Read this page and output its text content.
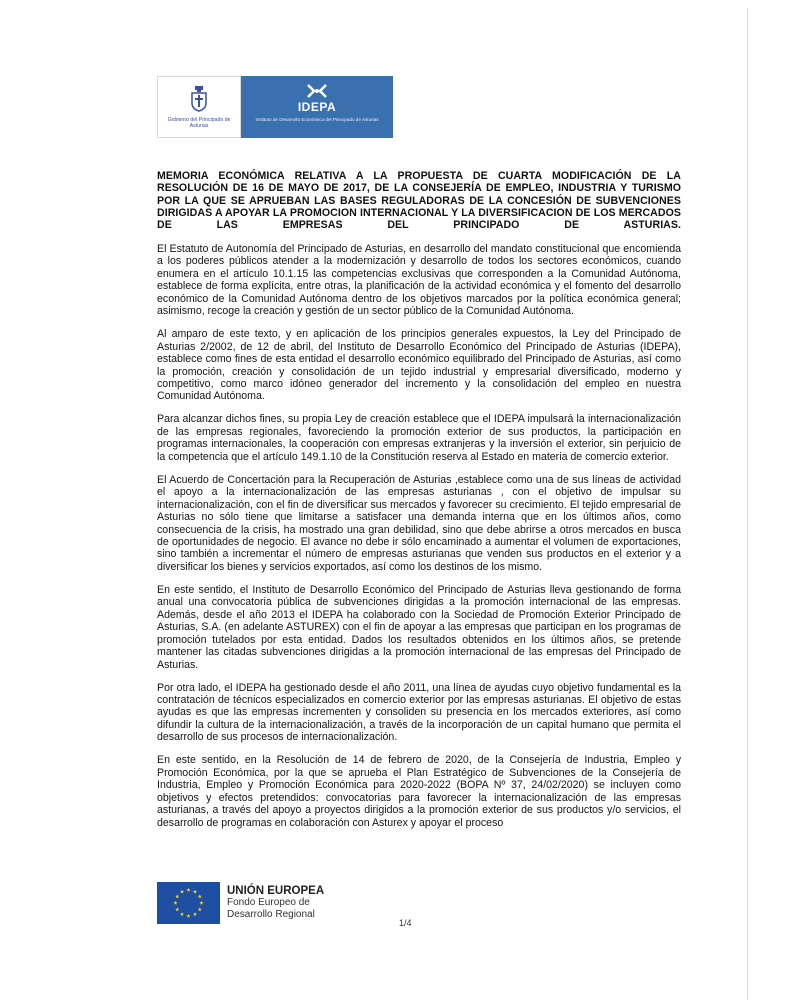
Gobierno del Principado de Asturias
IDEPA
Instituto de Desarrollo Económico del Principado de Asturias
MEMORIA ECONÓMICA RELATIVA A LA PROPUESTA DE CUARTA MODIFICACIÓN DE LA RESOLUCIÓN DE 16 DE MAYO DE 2017, DE LA CONSEJERÍA DE EMPLEO, INDUSTRIA Y TURISMO POR LA QUE SE APRUEBAN LAS BASES REGULADORAS DE LA CONCESIÓN DE SUBVENCIONES DIRIGIDAS A APOYAR LA PROMOCION INTERNACIONAL Y LA DIVERSIFICACION DE LOS MERCADOS DE LAS EMPRESAS DEL PRINCIPADO DE ASTURIAS.

El Estatuto de Autonomía del Principado de Asturias, en desarrollo del mandato constitucional que encomienda a los poderes públicos atender a la modernización y desarrollo de todos los sectores económicos, cuando enumera en el artículo 10.1.15 las competencias exclusivas que corresponden a la Comunidad Autónoma, establece de forma explícita, entre otras, la planificación de la actividad económica y el fomento del desarrollo económico de la Comunidad Autónoma dentro de los objetivos marcados por la política económica general; asimismo, recoge la creación y gestión de un sector público de la Comunidad Autónoma.

Al amparo de este texto, y en aplicación de los principios generales expuestos, la Ley del Principado de Asturias 2/2002, de 12 de abril, del Instituto de Desarrollo Económico del Principado de Asturias (IDEPA), establece como fines de esta entidad el desarrollo económico equilibrado del Principado de Asturias, así como la promoción, creación y consolidación de un tejido industrial y empresarial diversificado, moderno y competitivo, como marco idóneo generador del incremento y la consolidación del empleo en nuestra Comunidad Autónoma.

Para alcanzar dichos fines, su propia Ley de creación establece que el IDEPA impulsará la internacionalización de las empresas regionales, favoreciendo la promoción exterior de sus productos, la participación en programas internacionales, la cooperación con empresas extranjeras y la inversión el exterior, sin perjuicio de la competencia que el artículo 149.1.10 de la Constitución reserva al Estado en materia de comercio exterior.

El Acuerdo de Concertación para la Recuperación de Asturias ,establece como una de sus líneas de actividad el apoyo a la internacionalización de las empresas asturianas , con el objetivo de impulsar su internacionalización, con el fin de diversificar sus mercados y favorecer su crecimiento. El tejido empresarial de Asturias no sólo tiene que limitarse a satisfacer una demanda interna que en los últimos años, como consecuencia de la crisis, ha mostrado una gran debilidad, sino que debe abrirse a otros mercados en busca de oportunidades de negocio. El avance no debe ir sólo encaminado a aumentar el volumen de exportaciones, sino también a incrementar el número de empresas asturianas que venden sus productos en el exterior y a diversificar los bienes y servicios exportados, así como los destinos de los mismo.

En este sentido, el Instituto de Desarrollo Económico del Principado de Asturias lleva gestionando de forma anual una convocatoria pública de subvenciones dirigidas a la promoción internacional de las empresas. Además, desde el año 2013 el IDEPA ha colaborado con la Sociedad de Promoción Exterior Principado de Asturias, S.A. (en adelante ASTUREX) con el fin de apoyar a las empresas que participan en los programas de promoción tutelados por esta entidad. Dados los resultados obtenidos en los últimos años, se pretende mantener las citadas subvenciones dirigidas a la promoción internacional de las empresas del Principado de Asturias.

Por otra lado, el IDEPA ha gestionado desde el año 2011, una línea de ayudas cuyo objetivo fundamental es la contratación de técnicos especializados en comercio exterior por las empresas asturianas. El objetivo de estas ayudas es que las empresas incrementen y consoliden su presencia en los mercados exteriores, así como difundir la cultura de la internacionalización, a través de la incorporación de un capital humano que permita el desarrollo de sus procesos de internacionalización.

En este sentido, en la Resolución de 14 de febrero de 2020, de la Consejería de Industria, Empleo y Promoción Económica, por la que se aprueba el Plan Estratégico de Subvenciones de la Consejería de Industria, Empleo y Promoción Económica para 2020-2022 (BOPA Nº 37, 24/02/2020) se incluyen como objetivos y efectos pretendidos: convocatorias para favorecer la internacionalización de las empresas asturianas, a través del apoyo a proyectos dirigidos a la promoción exterior de sus productos y/o servicios, el desarrollo de programas en colaboración con Asturex y apoyar el proceso

UNIÓN EUROPEA
Fondo Europeo de
Desarrollo Regional
1/4
